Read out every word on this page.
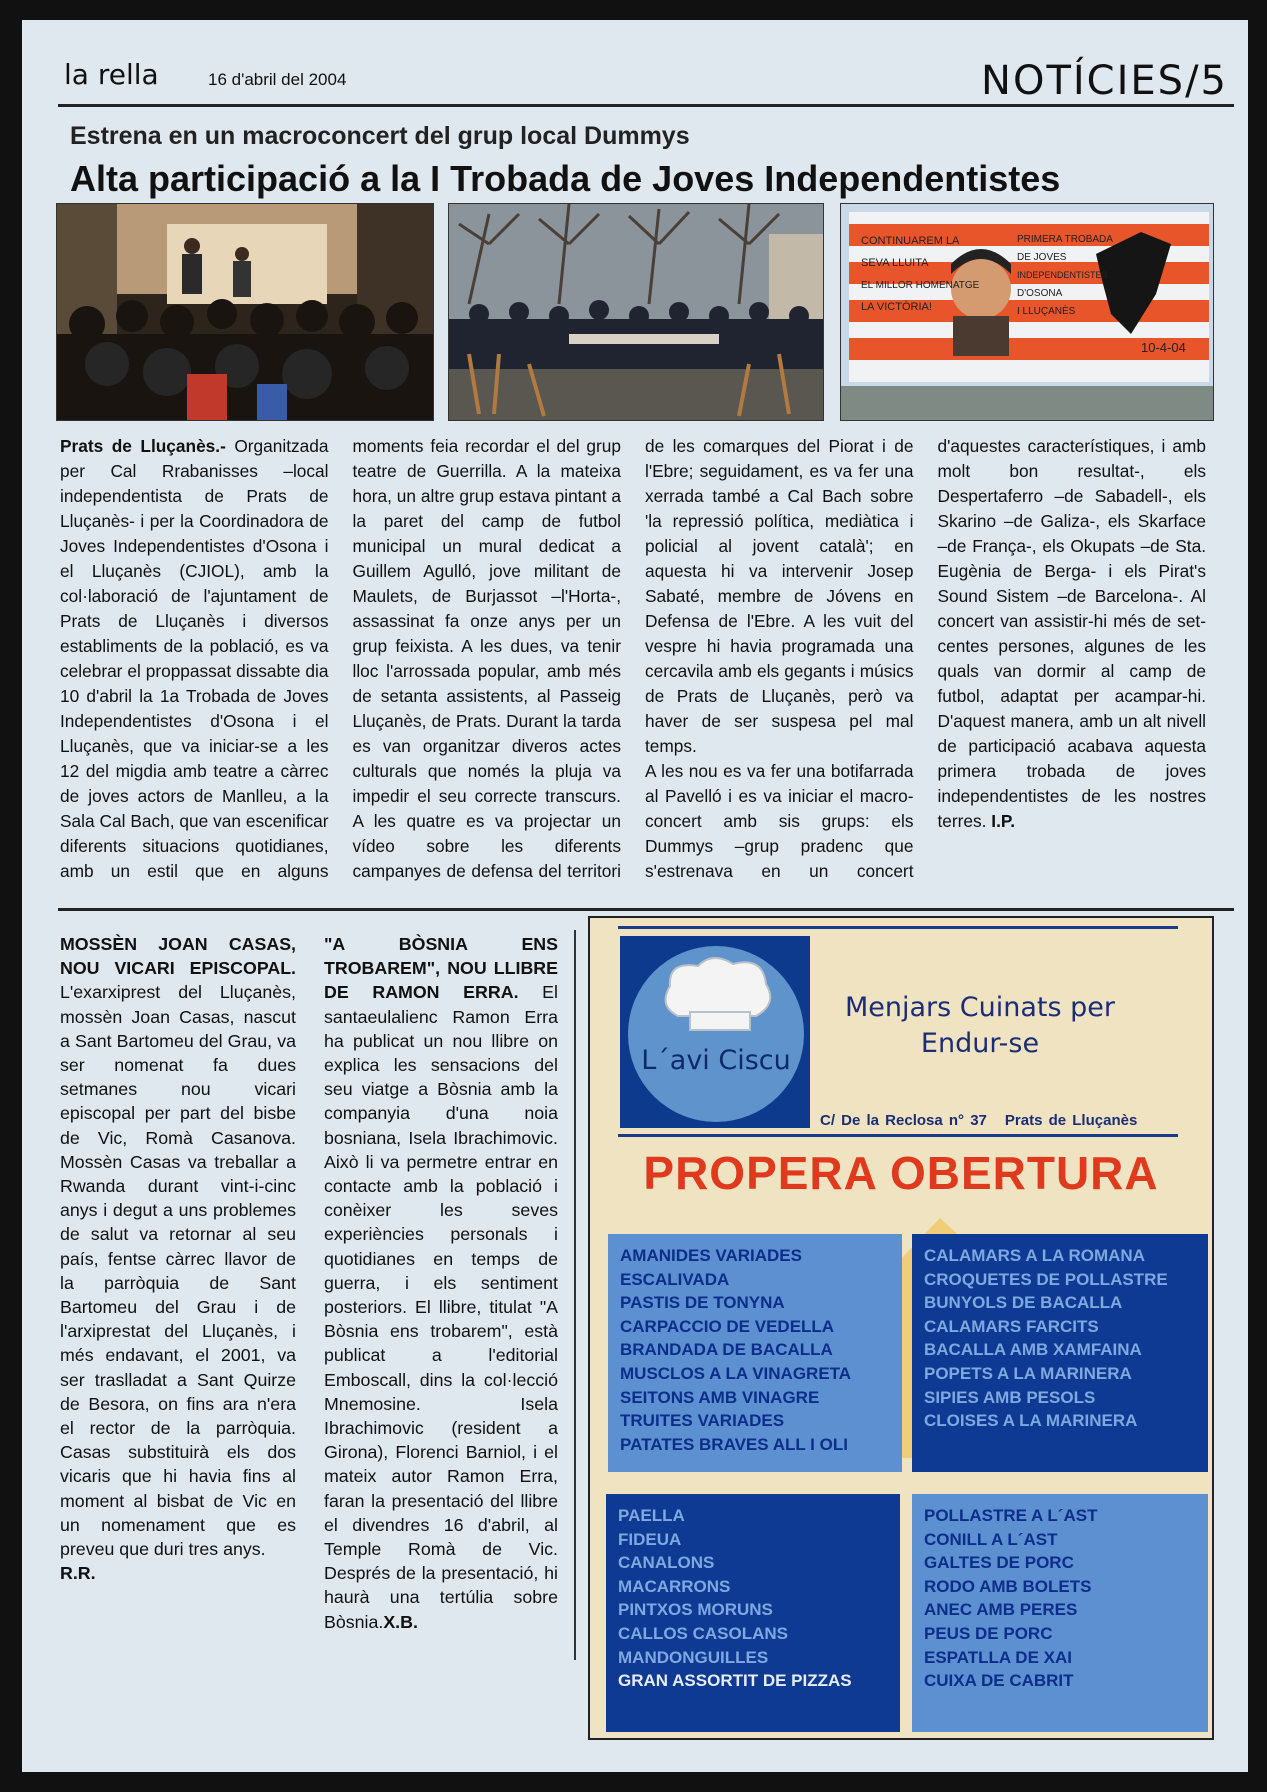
la rella	16 d'abril del 2004	NOTÍCIES/5
Estrena en un macroconcert del grup local Dummys
Alta participació a la I Trobada de Joves Independentistes
CONTINUAREM LA
SEVA LLUITA
EL MILLOR HOMENATGE
LA VICTÒRIA!
PRIMERA TROBADA
DE JOVES
INDEPENDENTISTES
D'OSONA
I LLUÇANÈS
10-4-04
Prats de Lluçanès.- Organitzada per Cal Rrabanisses –local independentista de Prats de Lluçanès- i per la Coordinadora de Joves Independentistes d'Osona i el Lluçanès (CJIOL), amb la col·laboració de l'ajuntament de Prats de Lluçanès i diversos establiments de la població, es va celebrar el proppassat dissabte dia 10 d'abril la 1a Trobada de Joves Independentistes d'Osona i el Lluçanès, que va iniciar-se a les 12 del migdia amb teatre a càrrec de joves actors de Manlleu, a la Sala Cal Bach, que van escenificar diferents situacions quotidianes, amb un estil que en alguns moments feia recordar el del grup teatre de Guerrilla. A la mateixa hora, un altre grup estava pintant a la paret del camp de futbol municipal un mural dedicat a Guillem Agulló, jove militant de Maulets, de Burjassot –l'Horta-, assassinat fa onze anys per un grup feixista. A les dues, va tenir lloc l'arrossada popular, amb més de setanta assistents, al Passeig Lluçanès, de Prats. Durant la tarda es van organitzar diveros actes culturals que només la pluja va impedir el seu correcte transcurs. A les quatre es va projectar un vídeo sobre les diferents campanyes de defensa del territori de les comarques del Piorat i de l'Ebre; seguidament, es va fer una xerrada també a Cal Bach sobre 'la repressió política, mediàtica i policial al jovent català'; en aquesta hi va intervenir Josep Sabaté, membre de Jóvens en Defensa de l'Ebre. A les vuit del vespre hi havia programada una cercavila amb els gegants i músics de Prats de Lluçanès, però va haver de ser suspesa pel mal temps.
A les nou es va fer una botifarrada al Pavelló i es va iniciar el macro-concert amb sis grups: els Dummys –grup pradenc que s'estrenava en un concert d'aquestes característiques, i amb molt bon resultat-, els Despertaferro –de Sabadell-, els Skarino –de Galiza-, els Skarface –de França-, els Okupats –de Sta. Eugènia de Berga- i els Pirat's Sound Sistem –de Barcelona-. Al concert van assistir-hi més de set-centes persones, algunes de les quals van dormir al camp de futbol, adaptat per acampar-hi. D'aquest manera, amb un alt nivell de participació acabava aquesta primera trobada de joves independentistes de les nostres terres. I.P.
MOSSÈN JOAN CASAS, NOU VICARI EPISCOPAL. L'exarxiprest del Lluçanès, mossèn Joan Casas, nascut a Sant Bartomeu del Grau, va ser nomenat fa dues setmanes nou vicari episcopal per part del bisbe de Vic, Romà Casanova. Mossèn Casas va treballar a Rwanda durant vint-i-cinc anys i degut a uns problemes de salut va retornar al seu país, fentse càrrec llavor de la parròquia de Sant Bartomeu del Grau i de l'arxiprestat del Lluçanès, i més endavant, el 2001, va ser traslladat a Sant Quirze de Besora, on fins ara n'era el rector de la parròquia. Casas substituirà els dos vicaris que hi havia fins al moment al bisbat de Vic en un nomenament que es preveu que duri tres anys.
R.R.
"A BÒSNIA ENS TROBAREM", NOU LLIBRE DE RAMON ERRA. El santaeulalienc Ramon Erra ha publicat un nou llibre on explica les sensacions del seu viatge a Bòsnia amb la companyia d'una noia bosniana, Isela Ibrachimovic. Això li va permetre entrar en contacte amb la població i conèixer les seves experiències personals i quotidianes en temps de guerra, i els sentiment posteriors. El llibre, titulat "A Bòsnia ens trobarem", està publicat a l'editorial Emboscall, dins la col·lecció Mnemosine. Isela Ibrachimovic (resident a Girona), Florenci Barniol, i el mateix autor Ramon Erra, faran la presentació del llibre el divendres 16 d'abril, al Temple Romà de Vic. Després de la presentació, hi haurà una tertúlia sobre Bòsnia.X.B.
L´avi Ciscu
Menjars Cuinats per Endur-se
C/ De la Reclosa n° 37 Prats de Lluçanès
PROPERA OBERTURA
AMANIDES VARIADES
ESCALIVADA
PASTIS DE TONYNA
CARPACCIO DE VEDELLA
BRANDADA DE BACALLA
MUSCLOS A LA VINAGRETA
SEITONS AMB VINAGRE
TRUITES VARIADES
PATATES BRAVES ALL I OLI
CALAMARS A LA ROMANA
CROQUETES DE POLLASTRE
BUNYOLS DE BACALLA
CALAMARS FARCITS
BACALLA AMB XAMFAINA
POPETS A LA MARINERA
SIPIES AMB PESOLS
CLOISES A LA MARINERA
PAELLA
FIDEUA
CANALONS
MACARRONS
PINTXOS MORUNS
CALLOS CASOLANS
MANDONGUILLES
GRAN ASSORTIT DE PIZZAS
POLLASTRE A L´AST
CONILL A L´AST
GALTES DE PORC
RODO AMB BOLETS
ANEC AMB PERES
PEUS DE PORC
ESPATLLA DE XAI
CUIXA DE CABRIT
